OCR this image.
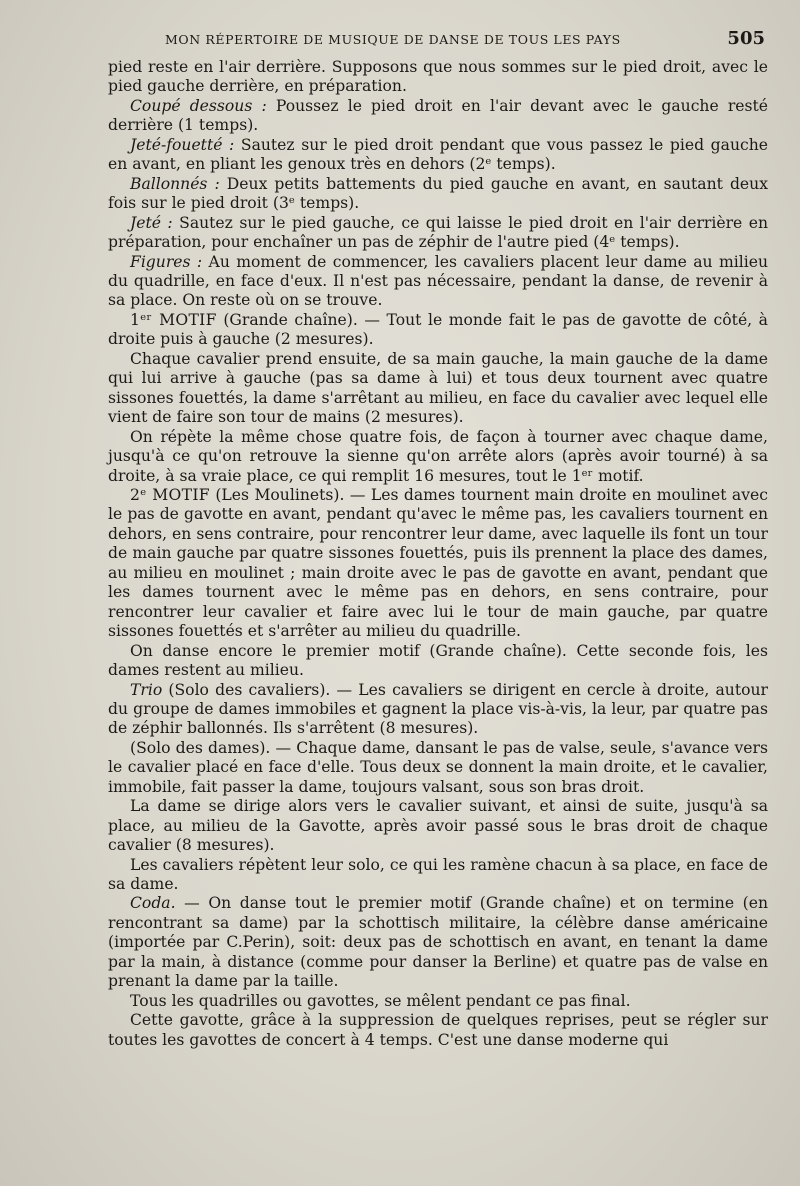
MON RÉPERTOIRE DE MUSIQUE DE DANSE DE TOUS LES PAYS	505

pied reste en l'air derrière. Supposons que nous sommes sur le pied droit, avec le pied gauche derrière, en préparation.

Coupé dessous : Poussez le pied droit en l'air devant avec le gauche resté derrière (1 temps).

Jeté-fouetté : Sautez sur le pied droit pendant que vous passez le pied gauche en avant, en pliant les genoux très en dehors (2ᵉ temps).

Ballonnés : Deux petits battements du pied gauche en avant, en sautant deux fois sur le pied droit (3ᵉ temps).

Jeté : Sautez sur le pied gauche, ce qui laisse le pied droit en l'air derrière en préparation, pour enchaîner un pas de zéphir de l'autre pied (4ᵉ temps).

Figures : Au moment de commencer, les cavaliers placent leur dame au milieu du quadrille, en face d'eux. Il n'est pas nécessaire, pendant la danse, de revenir à sa place. On reste où on se trouve.

1ᵉʳ MOTIF (Grande chaîne). — Tout le monde fait le pas de gavotte de côté, à droite puis à gauche (2 mesures).

Chaque cavalier prend ensuite, de sa main gauche, la main gauche de la dame qui lui arrive à gauche (pas sa dame à lui) et tous deux tournent avec quatre sissones fouettés, la dame s'arrêtant au milieu, en face du cavalier avec lequel elle vient de faire son tour de mains (2 mesures).

On répète la même chose quatre fois, de façon à tourner avec chaque dame, jusqu'à ce qu'on retrouve la sienne qu'on arrête alors (après avoir tourné) à sa droite, à sa vraie place, ce qui remplit 16 mesures, tout le 1ᵉʳ motif.

2ᵉ MOTIF (Les Moulinets). — Les dames tournent main droite en moulinet avec le pas de gavotte en avant, pendant qu'avec le même pas, les cavaliers tournent en dehors, en sens contraire, pour rencontrer leur dame, avec laquelle ils font un tour de main gauche par quatre sissones fouettés, puis ils prennent la place des dames, au milieu en moulinet ; main droite avec le pas de gavotte en avant, pendant que les dames tournent avec le même pas en dehors, en sens contraire, pour rencontrer leur cavalier et faire avec lui le tour de main gauche, par quatre sissones fouettés et s'arrêter au milieu du quadrille.

On danse encore le premier motif (Grande chaîne). Cette seconde fois, les dames restent au milieu.

Trio (Solo des cavaliers). — Les cavaliers se dirigent en cercle à droite, autour du groupe de dames immobiles et gagnent la place vis-à-vis, la leur, par quatre pas de zéphir ballonnés. Ils s'arrêtent (8 mesures).

(Solo des dames). — Chaque dame, dansant le pas de valse, seule, s'avance vers le cavalier placé en face d'elle. Tous deux se donnent la main droite, et le cavalier, immobile, fait passer la dame, toujours valsant, sous son bras droit.

La dame se dirige alors vers le cavalier suivant, et ainsi de suite, jusqu'à sa place, au milieu de la Gavotte, après avoir passé sous le bras droit de chaque cavalier (8 mesures).

Les cavaliers répètent leur solo, ce qui les ramène chacun à sa place, en face de sa dame.

Coda. — On danse tout le premier motif (Grande chaîne) et on termine (en rencontrant sa dame) par la schottisch militaire, la célèbre danse américaine (importée par C.Perin), soit: deux pas de schottisch en avant, en tenant la dame par la main, à distance (comme pour danser la Berline) et quatre pas de valse en prenant la dame par la taille.

Tous les quadrilles ou gavottes, se mêlent pendant ce pas final.

Cette gavotte, grâce à la suppression de quelques reprises, peut se régler sur toutes les gavottes de concert à 4 temps. C'est une danse moderne qui
